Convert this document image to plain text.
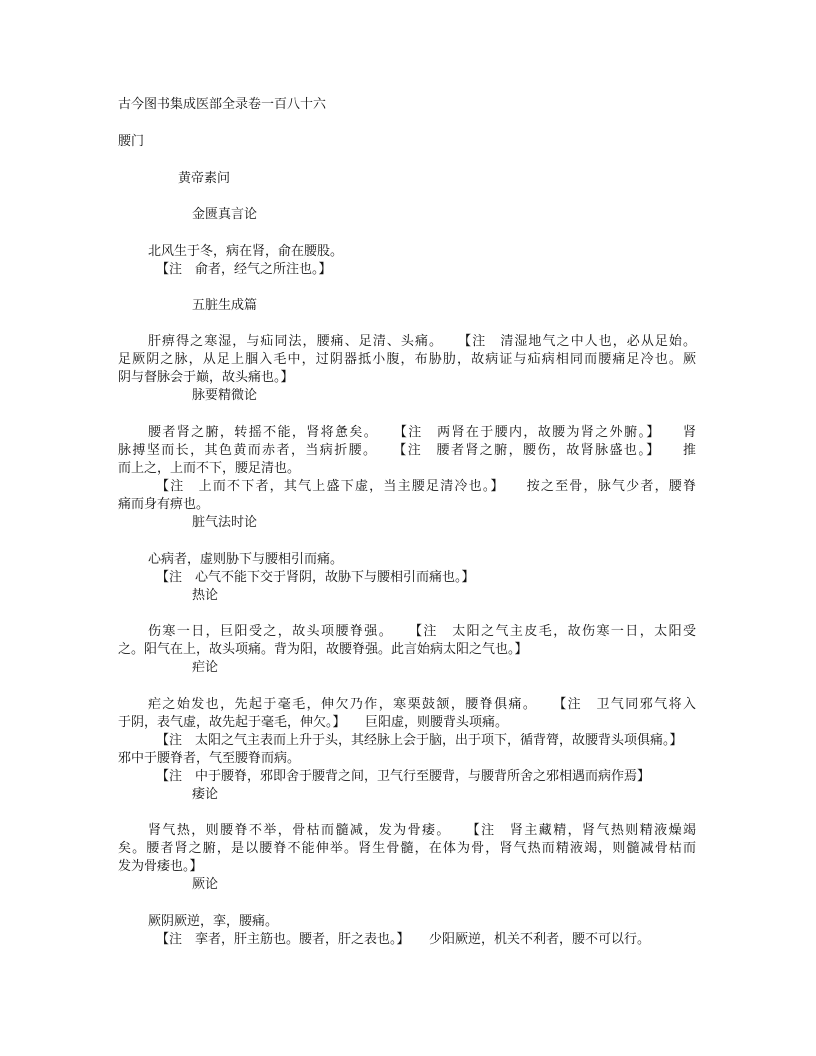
古今图书集成医部全录卷一百八十六
腰门
黄帝素问
金匮真言论
北风生于冬，病在肾，俞在腰股。
【注　俞者，经气之所注也。】
五脏生成篇
肝痹得之寒湿，与疝同法，腰痛、足清、头痛。　　【注　清湿地气之中人也，必从足始。
足厥阴之脉，从足上腘入毛中，过阴器抵小腹，布胁肋，故病证与疝病相同而腰痛足冷也。厥
阴与督脉会于巅，故头痛也。】
脉要精微论
腰者肾之腑，转摇不能，肾将惫矣。　　【注　两肾在于腰内，故腰为肾之外腑。】　　肾
脉搏坚而长，其色黄而赤者，当病折腰。　　【注　腰者肾之腑，腰伤，故肾脉盛也。】　　推
而上之，上而不下，腰足清也。
【注　上而不下者，其气上盛下虚，当主腰足清冷也。】　　按之至骨，脉气少者，腰脊
痛而身有痹也。
脏气法时论
心病者，虚则胁下与腰相引而痛。
【注　心气不能下交于肾阴，故胁下与腰相引而痛也。】
热论
伤寒一日，巨阳受之，故头项腰脊强。　　【注　太阳之气主皮毛，故伤寒一日，太阳受
之。阳气在上，故头项痛。背为阳，故腰脊强。此言始病太阳之气也。】
疟论
疟之始发也，先起于毫毛，伸欠乃作，寒栗鼓颔，腰脊俱痛。　　【注　卫气同邪气将入
于阴，表气虚，故先起于毫毛，伸欠。】　　巨阳虚，则腰背头项痛。
【注　太阳之气主表而上升于头，其经脉上会于脑，出于项下，循背膂，故腰背头项俱痛。】
邪中于腰脊者，气至腰脊而病。
【注　中于腰脊，邪即舍于腰背之间，卫气行至腰背，与腰背所舍之邪相遇而病作焉】
痿论
肾气热，则腰脊不举，骨枯而髓减，发为骨痿。　　【注　肾主藏精，肾气热则精液燥竭
矣。腰者肾之腑，是以腰脊不能伸举。肾生骨髓，在体为骨，肾气热而精液竭，则髓减骨枯而
发为骨痿也。】
厥论
厥阴厥逆，挛，腰痛。
【注　挛者，肝主筋也。腰者，肝之表也。】　　少阳厥逆，机关不利者，腰不可以行。
